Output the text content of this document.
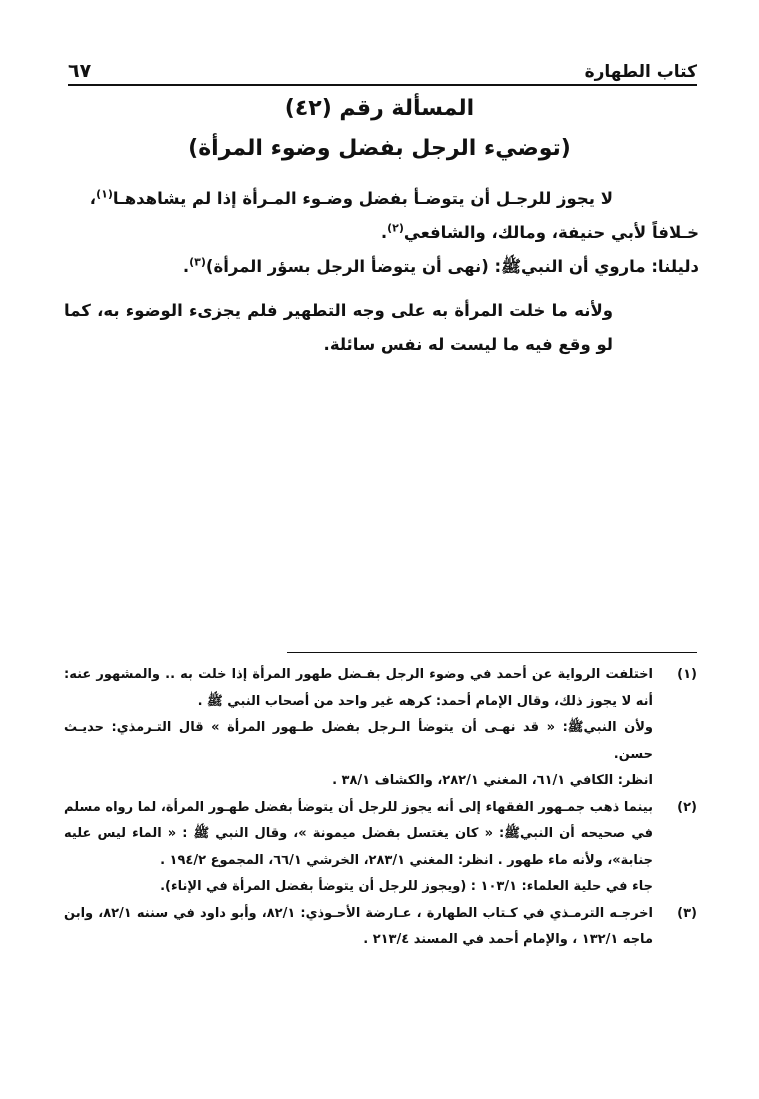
كتاب الطهارة
٦٧
المسألة رقم (٤٢)
(توضيء الرجل بفضل وضوء المرأة)

لا يجوز للرجـل أن يتوضـأ بفضل وضـوء المـرأة إذا لم يشاهدهـا$^{(١)}$،

خـلافاً لأبي حنيفة، ومالك، والشافعي$^{(٢)}$.

دليلنا: ماروي أن النبيﷺ: (نهى أن يتوضأ الرجل بسؤر المرأة)$^{(٣)}$.

ولأنه ما خلت المرأة به على وجه التطهير فلم يجزىء الوضوء به، كما لو وقع فيه ما ليست له نفس سائلة.

(١)

اختلفت الرواية عن أحمد في وضوء الرجل بفـضل طهور المرأة إذا خلت به .. والمشهور عنه: أنه لا يجوز ذلك، وقال الإمام أحمد: كرهه غير واحد من أصحاب النبي ﷺ .

ولأن النبيﷺ: « قد نهـى أن يتوضأ الـرجل بفضل طـهور المرأة » قال التـرمذي: حديـث حسن.

انظر: الكافي ٦١/١، المغني ٢٨٢/١، والكشاف ٣٨/١ .

(٢)

بينما ذهب جمـهور الفقهاء إلى أنه يجوز للرجل أن يتوضأ بفضل طهـور المرأة، لما رواه مسلم في صحيحه أن النبيﷺ: « كان يغتسل بفضل ميمونة »، وقال النبي ﷺ : « الماء ليس عليه جنابة»، ولأنه ماء طهور . انظر: المغني ٢٨٣/١، الخرشي ٦٦/١، المجموع ١٩٤/٢ .

جاء في حلية العلماء: ١٠٣/١ : (ويجوز للرجل أن يتوضأ بفضل المرأة في الإناء).

(٣)

اخرجـه الترمـذي في كـتاب الطهارة ، عـارضة الأحـوذي: ٨٢/١، وأبو داود في سننه ٨٢/١، وابن ماجه ١٣٢/١ ، والإمام أحمد في المسند ٢١٣/٤ .
